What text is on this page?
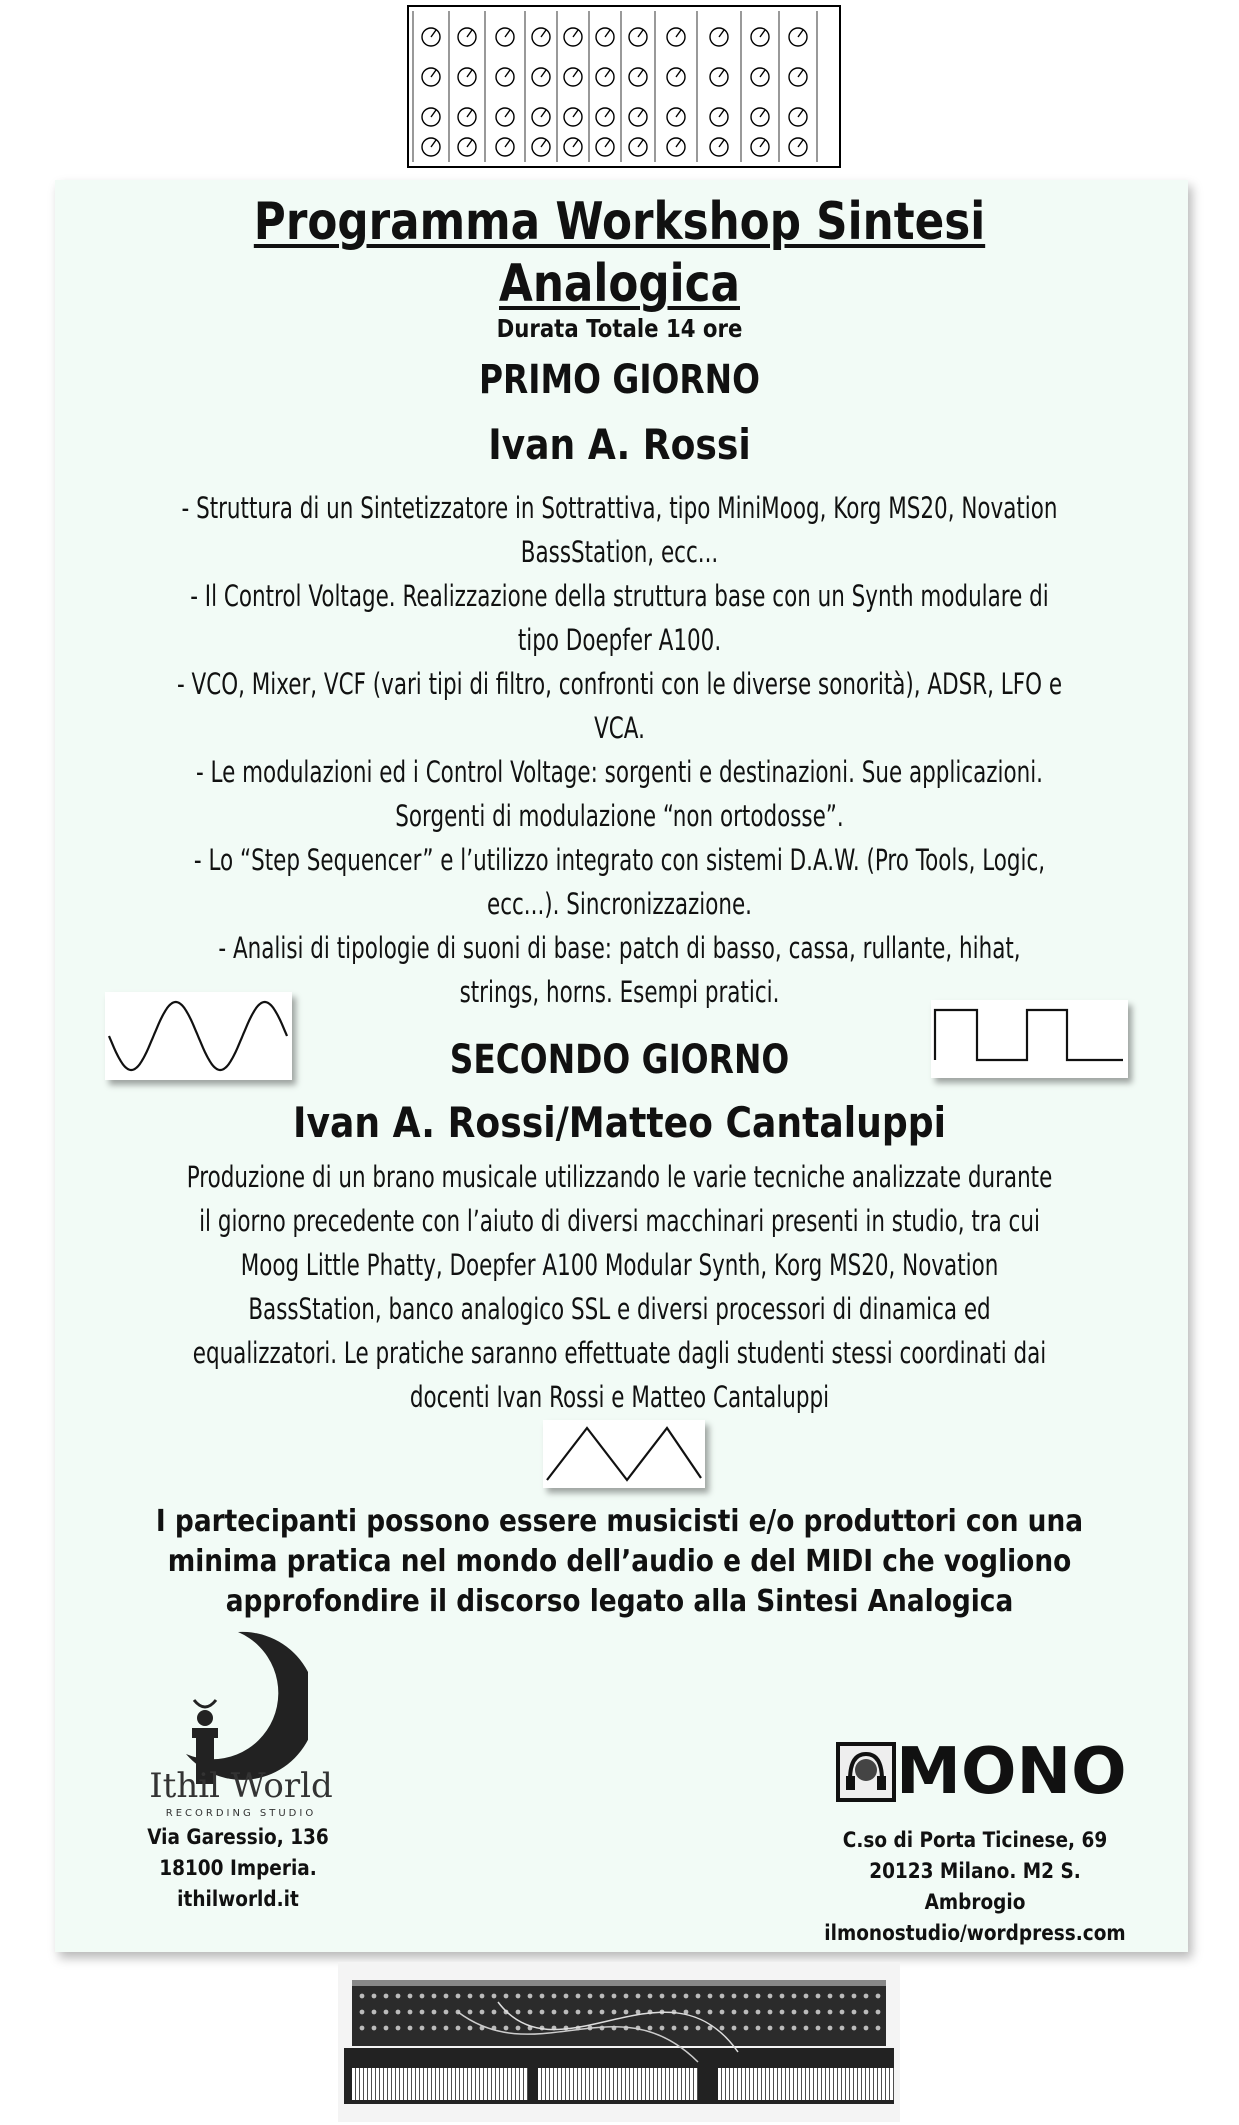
Programma Workshop Sintesi
Analogica
Durata Totale 14 ore
PRIMO GIORNO
Ivan A. Rossi
- Struttura di un Sintetizzatore in Sottrattiva, tipo MiniMoog, Korg MS20, Novation
BassStation, ecc...
- Il Control Voltage. Realizzazione della struttura base con un Synth modulare di
tipo Doepfer A100.
- VCO, Mixer, VCF (vari tipi di filtro, confronti con le diverse sonorità), ADSR, LFO e
VCA.
- Le modulazioni ed i Control Voltage: sorgenti e destinazioni. Sue applicazioni.
Sorgenti di modulazione “non ortodosse”.
- Lo “Step Sequencer” e l’utilizzo integrato con sistemi D.A.W. (Pro Tools, Logic,
ecc...). Sincronizzazione.
- Analisi di tipologie di suoni di base: patch di basso, cassa, rullante, hihat,
strings, horns. Esempi pratici.
SECONDO GIORNO
Ivan A. Rossi/Matteo Cantaluppi
Produzione di un brano musicale utilizzando le varie tecniche analizzate durante
il giorno precedente con l’aiuto di diversi macchinari presenti in studio, tra cui
Moog Little Phatty, Doepfer A100 Modular Synth, Korg MS20, Novation
BassStation, banco analogico SSL e diversi processori di dinamica ed
equalizzatori. Le pratiche saranno effettuate dagli studenti stessi coordinati dai
docenti Ivan Rossi e Matteo Cantaluppi
I partecipanti possono essere musicisti e/o produttori con una
minima pratica nel mondo dell’audio e del MIDI che vogliono
approfondire il discorso legato alla Sintesi Analogica
Ithil World
RECORDING STUDIO
Via Garessio, 136
18100 Imperia.
ithilworld.it
MONO
C.so di Porta Ticinese, 69
20123 Milano. M2 S. Ambrogio
ilmonostudio/wordpress.com
